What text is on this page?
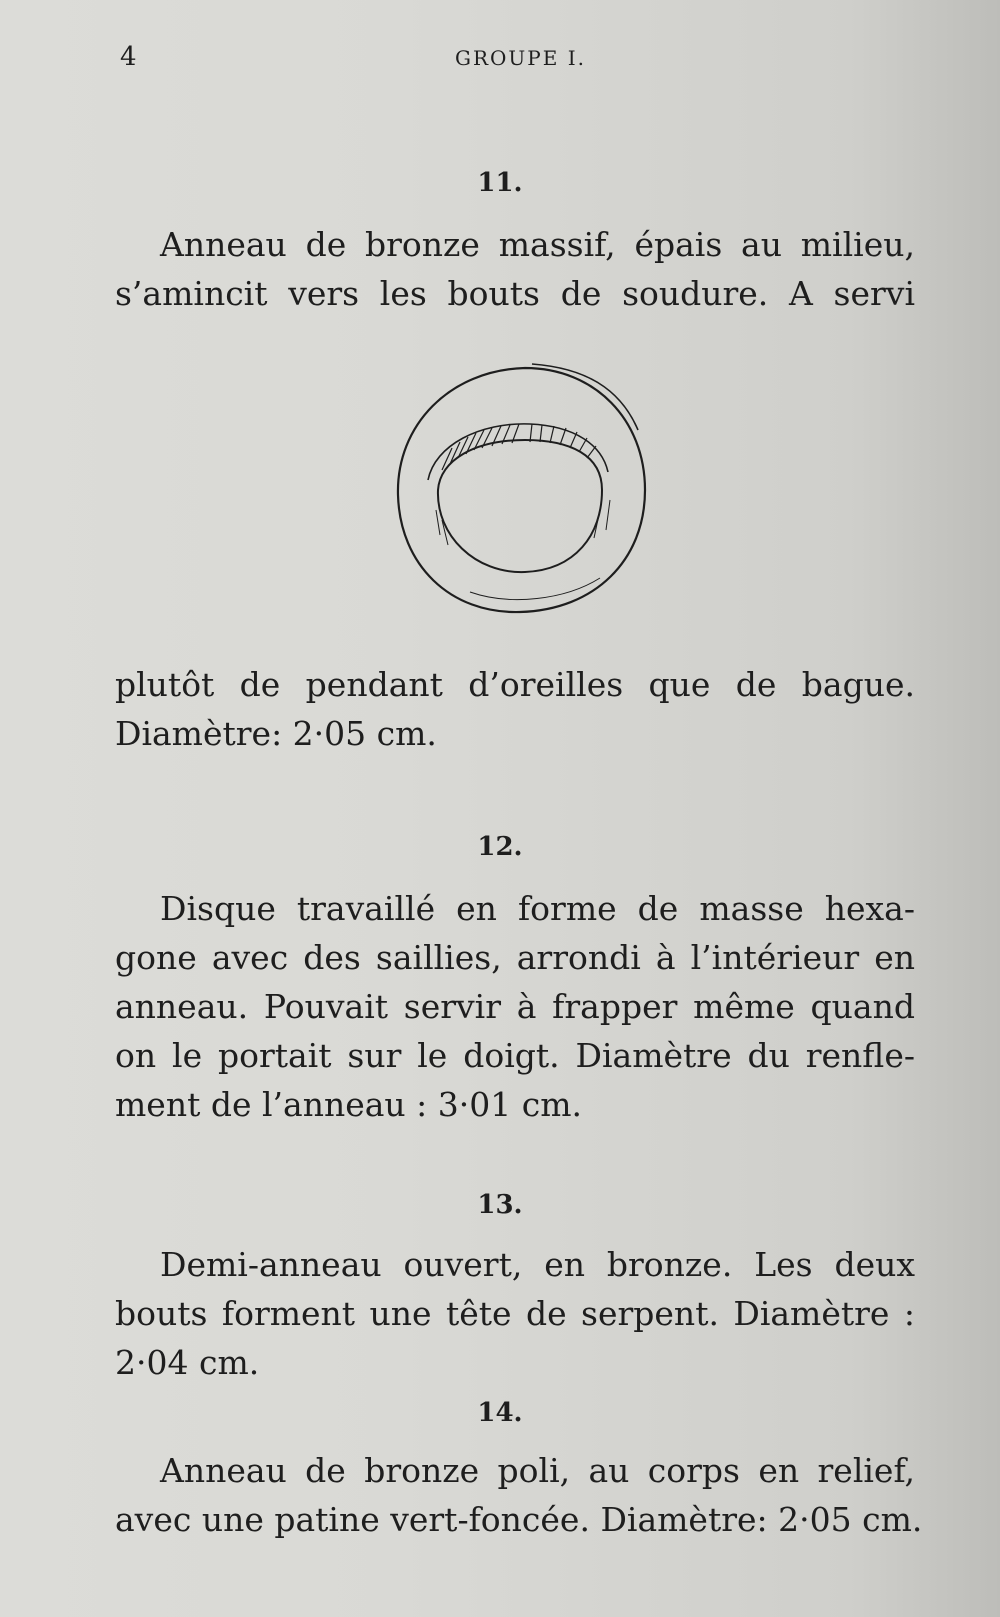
4	GROUPE I.
11.

Anneau de bronze massif, épais au milieu,
s’amincit vers les bouts de soudure. A servi

plutôt de pendant d’oreilles que de bague.
Diamètre: 2·05 cm.

12.

Disque travaillé en forme de masse hexa-
gone avec des saillies, arrondi à l’intérieur en
anneau. Pouvait servir à frapper même quand
on le portait sur le doigt. Diamètre du renfle-
ment de l’anneau : 3·01 cm.

13.

Demi-anneau ouvert, en bronze. Les deux
bouts forment une tête de serpent. Diamètre :
2·04 cm.

14.

Anneau de bronze poli, au corps en relief,
avec une patine vert-foncée. Diamètre: 2·05 cm.
